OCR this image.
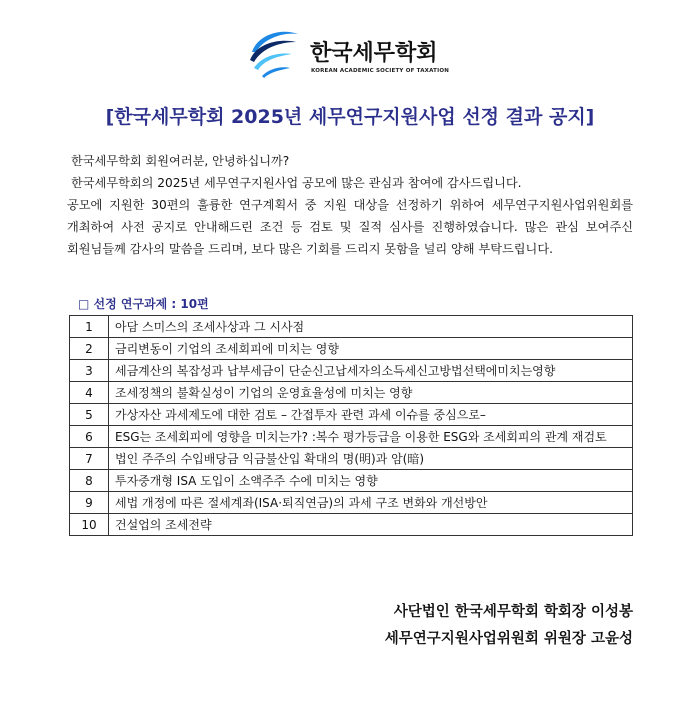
한국세무학회
KOREAN ACADEMIC SOCIETY OF TAXATION
[한국세무학회 2025년 세무연구지원사업 선정 결과 공지]

한국세무학회 회원여러분, 안녕하십니까?

한국세무학회의 2025년 세무연구지원사업 공모에 많은 관심과 참여에 감사드립니다.

공모에 지원한 30편의 훌륭한 연구계획서 중 지원 대상을 선정하기 위하여 세무연구지원사업위원회를 개최하여 사전 공지로 안내해드린 조건 등 검토 및 질적 심사를 진행하였습니다. 많은 관심 보여주신 회원님들께 감사의 말씀을 드리며, 보다 많은 기회를 드리지 못함을 널리 양해 부탁드립니다.

□ 선정 연구과제 : 10편
1	아담 스미스의 조세사상과 그 시사점
2	금리변동이 기업의 조세회피에 미치는 영향
3	세금계산의 복잡성과 납부세금이 단순신고납세자의소득세신고방법선택에미치는영향
4	조세정책의 불확실성이 기업의 운영효율성에 미치는 영향
5	가상자산 과세제도에 대한 검토 – 간접투자 관련 과세 이슈를 중심으로–
6	ESG는 조세회피에 영향을 미치는가? :복수 평가등급을 이용한 ESG와 조세회피의 관계 재검토
7	법인 주주의 수입배당금 익금불산입 확대의 명(明)과 암(暗)
8	투자중개형 ISA 도입이 소액주주 수에 미치는 영향
9	세법 개정에 따른 절세계좌(ISA·퇴직연금)의 과세 구조 변화와 개선방안
10	건설업의 조세전략
사단법인 한국세무학회 학회장 이성봉
세무연구지원사업위원회 위원장 고윤성
